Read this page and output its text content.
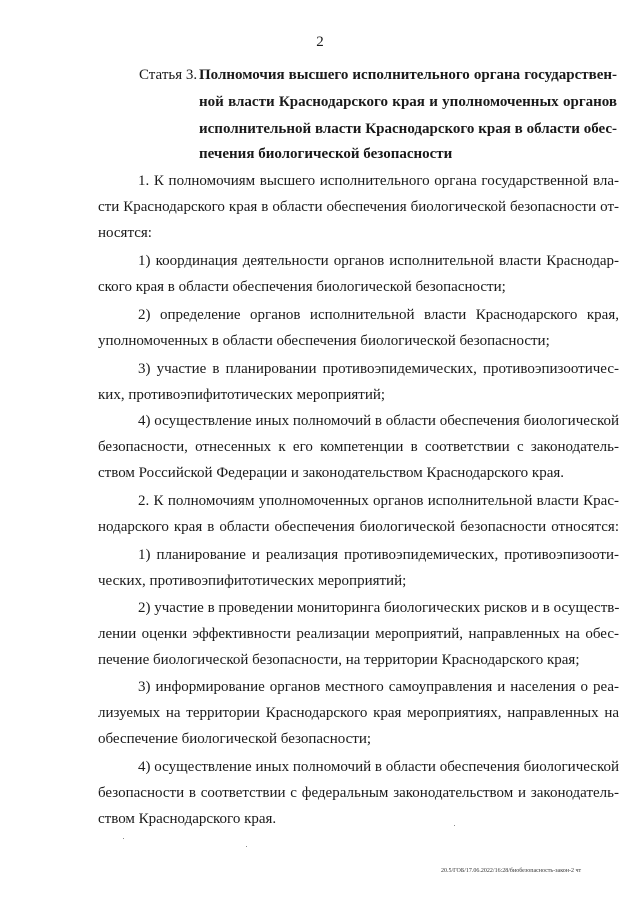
2
Статья 3. Полномочия высшего исполнительного органа государствен-
ной власти Краснодарского края и уполномоченных органов
исполнительной власти Краснодарского края в области обес-
печения биологической безопасности
1. К полномочиям высшего исполнительного органа государственной вла-
сти Краснодарского края в области обеспечения биологической безопасности от-
носятся:
1) координация деятельности органов исполнительной власти Краснодар-
ского края в области обеспечения биологической безопасности;
2) определение органов исполнительной власти Краснодарского края,
уполномоченных в области обеспечения биологической безопасности;
3) участие в планировании противоэпидемических, противоэпизоотичес-
ких, противоэпифитотических мероприятий;
4) осуществление иных полномочий в области обеспечения биологической
безопасности, отнесенных к его компетенции в соответствии с законодатель-
ством Российской Федерации и законодательством Краснодарского края.
2. К полномочиям уполномоченных органов исполнительной власти Крас-
нодарского края в области обеспечения биологической безопасности относятся:
1) планирование и реализация противоэпидемических, противоэпизооти-
ческих, противоэпифитотических мероприятий;
2) участие в проведении мониторинга биологических рисков и в осуществ-
лении оценки эффективности реализации мероприятий, направленных на обес-
печение биологической безопасности, на территории Краснодарского края;
3) информирование органов местного самоуправления и населения о реа-
лизуемых на территории Краснодарского края мероприятиях, направленных на
обеспечение биологической безопасности;
4) осуществление иных полномочий в области обеспечения биологической
безопасности в соответствии с федеральным законодательством и законодатель-
ством Краснодарского края.
20.5/ГОБ/17.06.2022/16:28/биобезопасность-закон-2 чт
